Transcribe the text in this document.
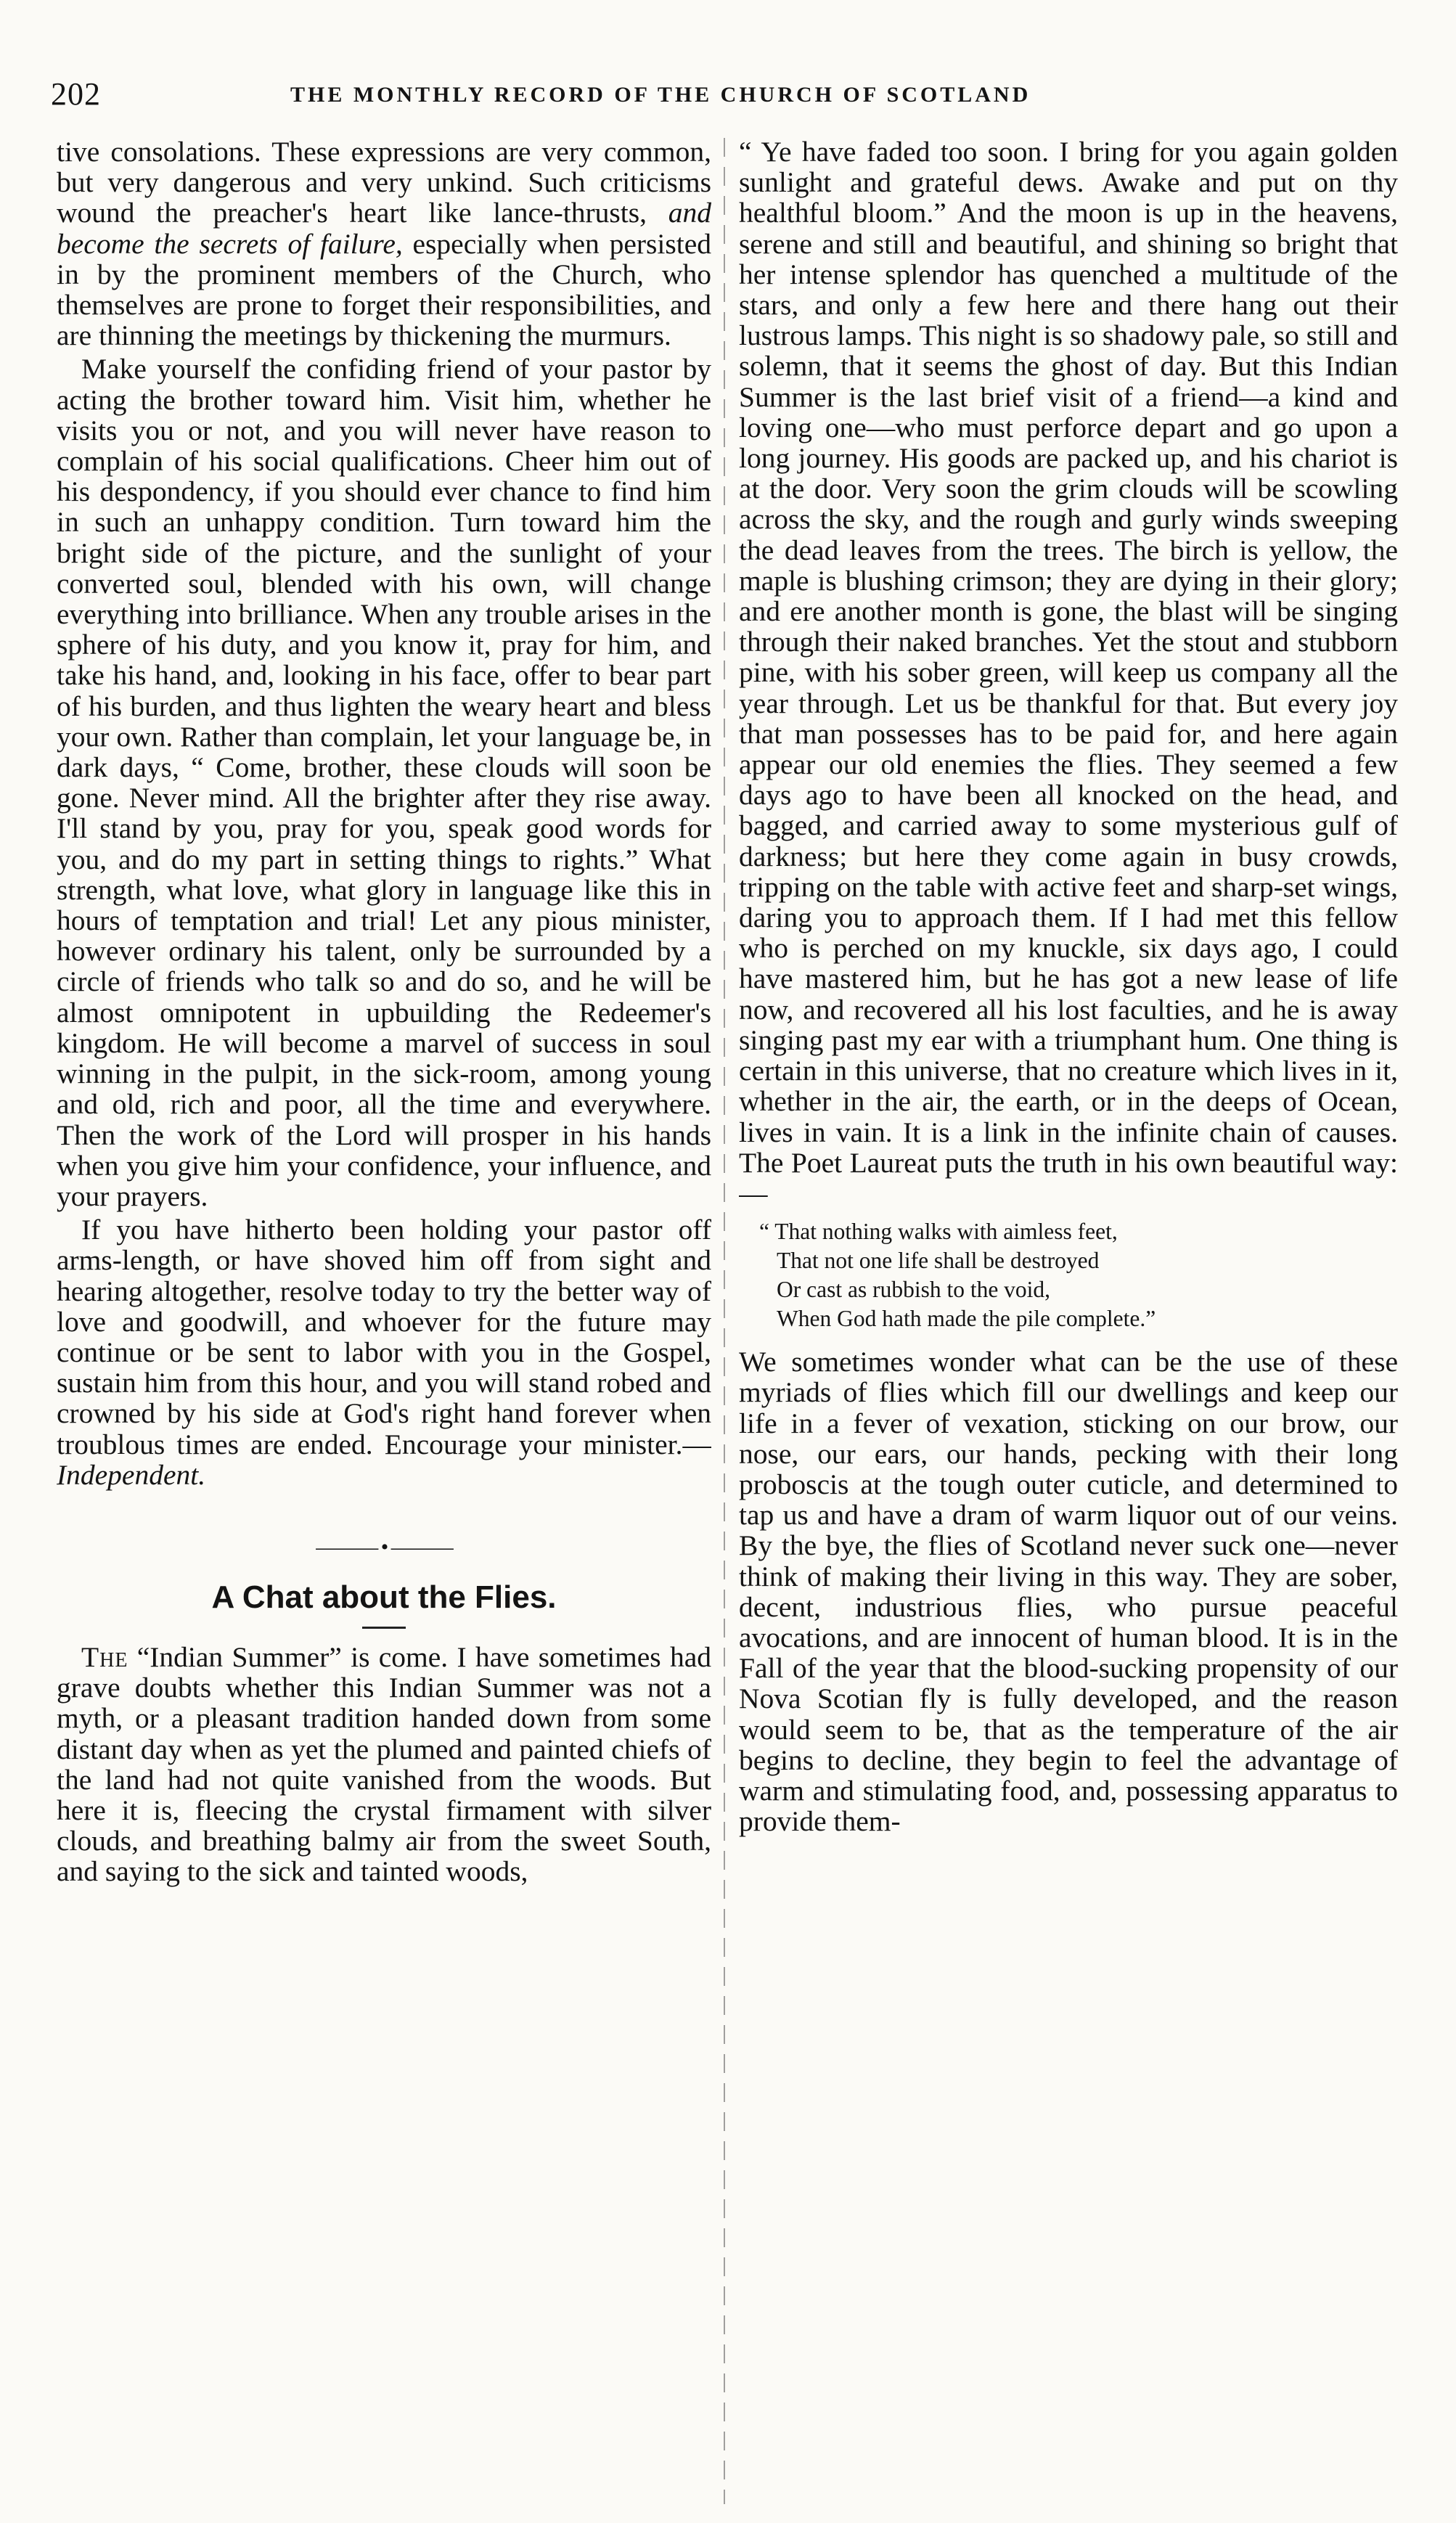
202	THE MONTHLY RECORD OF THE CHURCH OF SCOTLAND

tive consolations. These expressions are very common, but very dangerous and very unkind. Such criticisms wound the preacher's heart like lance-thrusts, and become the secrets of failure, especially when persisted in by the prominent members of the Church, who themselves are prone to forget their responsibilities, and are thinning the meetings by thickening the murmurs.

Make yourself the confiding friend of your pastor by acting the brother toward him. Visit him, whether he visits you or not, and you will never have reason to complain of his social qualifications. Cheer him out of his despondency, if you should ever chance to find him in such an unhappy condition. Turn toward him the bright side of the picture, and the sunlight of your converted soul, blended with his own, will change everything into brilliance. When any trouble arises in the sphere of his duty, and you know it, pray for him, and take his hand, and, looking in his face, offer to bear part of his burden, and thus lighten the weary heart and bless your own. Rather than complain, let your language be, in dark days, “ Come, brother, these clouds will soon be gone. Never mind. All the brighter after they rise away. I'll stand by you, pray for you, speak good words for you, and do my part in setting things to rights.” What strength, what love, what glory in language like this in hours of temptation and trial! Let any pious minister, however ordinary his talent, only be surrounded by a circle of friends who talk so and do so, and he will be almost omnipotent in upbuilding the Redeemer's kingdom. He will become a marvel of success in soul winning in the pulpit, in the sick-room, among young and old, rich and poor, all the time and everywhere. Then the work of the Lord will prosper in his hands when you give him your confidence, your influence, and your prayers.

If you have hitherto been holding your pastor off arms-length, or have shoved him off from sight and hearing altogether, resolve today to try the better way of love and goodwill, and whoever for the future may continue or be sent to labor with you in the Gospel, sustain him from this hour, and you will stand robed and crowned by his side at God's right hand forever when troublous times are ended. Encourage your minister.—Independent.

——— • ———
A Chat about the Flies.

The “Indian Summer” is come. I have sometimes had grave doubts whether this Indian Summer was not a myth, or a pleasant tradition handed down from some distant day when as yet the plumed and painted chiefs of the land had not quite vanished from the woods. But here it is, fleecing the crystal firmament with silver clouds, and breathing balmy air from the sweet South, and saying to the sick and tainted woods,

“ Ye have faded too soon. I bring for you again golden sunlight and grateful dews. Awake and put on thy healthful bloom.” And the moon is up in the heavens, serene and still and beautiful, and shining so bright that her intense splendor has quenched a multitude of the stars, and only a few here and there hang out their lustrous lamps. This night is so shadowy pale, so still and solemn, that it seems the ghost of day. But this Indian Summer is the last brief visit of a friend—a kind and loving one—who must perforce depart and go upon a long journey. His goods are packed up, and his chariot is at the door. Very soon the grim clouds will be scowling across the sky, and the rough and gurly winds sweeping the dead leaves from the trees. The birch is yellow, the maple is blushing crimson; they are dying in their glory; and ere another month is gone, the blast will be singing through their naked branches. Yet the stout and stubborn pine, with his sober green, will keep us company all the year through. Let us be thankful for that. But every joy that man possesses has to be paid for, and here again appear our old enemies the flies. They seemed a few days ago to have been all knocked on the head, and bagged, and carried away to some mysterious gulf of darkness; but here they come again in busy crowds, tripping on the table with active feet and sharp-set wings, daring you to approach them. If I had met this fellow who is perched on my knuckle, six days ago, I could have mastered him, but he has got a new lease of life now, and recovered all his lost faculties, and he is away singing past my ear with a triumphant hum. One thing is certain in this universe, that no creature which lives in it, whether in the air, the earth, or in the deeps of Ocean, lives in vain. It is a link in the infinite chain of causes. The Poet Laureat puts the truth in his own beautiful way:—

“ That nothing walks with aimless feet,
That not one life shall be destroyed
Or cast as rubbish to the void,
When God hath made the pile complete.”

We sometimes wonder what can be the use of these myriads of flies which fill our dwellings and keep our life in a fever of vexation, sticking on our brow, our nose, our ears, our hands, pecking with their long proboscis at the tough outer cuticle, and determined to tap us and have a dram of warm liquor out of our veins. By the bye, the flies of Scotland never suck one—never think of making their living in this way. They are sober, decent, industrious flies, who pursue peaceful avocations, and are innocent of human blood. It is in the Fall of the year that the blood-sucking propensity of our Nova Scotian fly is fully developed, and the reason would seem to be, that as the temperature of the air begins to decline, they begin to feel the advantage of warm and stimulating food, and, possessing apparatus to provide them-
